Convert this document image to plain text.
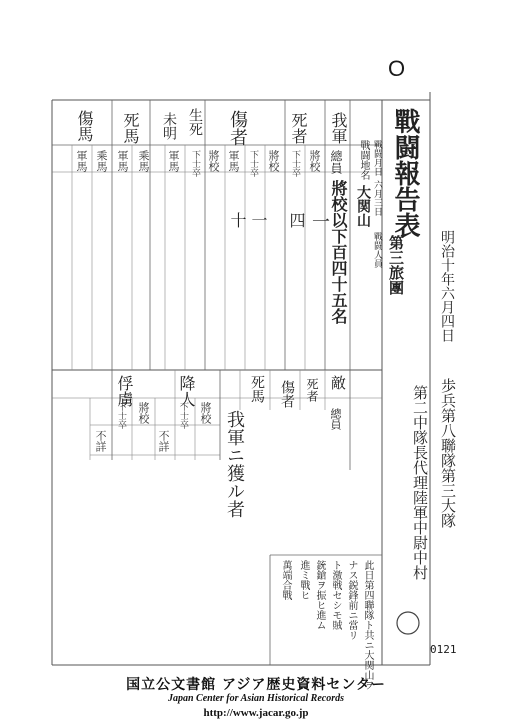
O
戰闘報告表
明治十年六月四日
第三旅團
戰闘月日
六月三日
戰闘地名
大関山
戰闘人員
我軍
總員
死者
傷者
生死
未明
死馬
傷馬
將校
下士卒
將校
下士卒
軍馬
將校
下士卒
軍馬
乘馬
軍馬
乘馬
軍馬
將校以下百四十五名
一
四
十 一
敵
總員
死者
傷者
死馬
降人
俘虜
將校
下士卒
將校
下士卒
不詳
不詳	我軍ニ獲ル者	歩兵第八聯隊第三大隊
第二中隊長代理陸軍中尉中村
此日第四聯隊ト共ニ大関山ヲ
ナス鋭鋒前ニ當リ
ト激戦セシモ賊
銃鎗ヲ振ヒ進ム
進ミ戰ヒ
萬端合戰
0121
国立公文書館 アジア歴史資料センター
Japan Center for Asian Historical Records
http://www.jacar.go.jp
